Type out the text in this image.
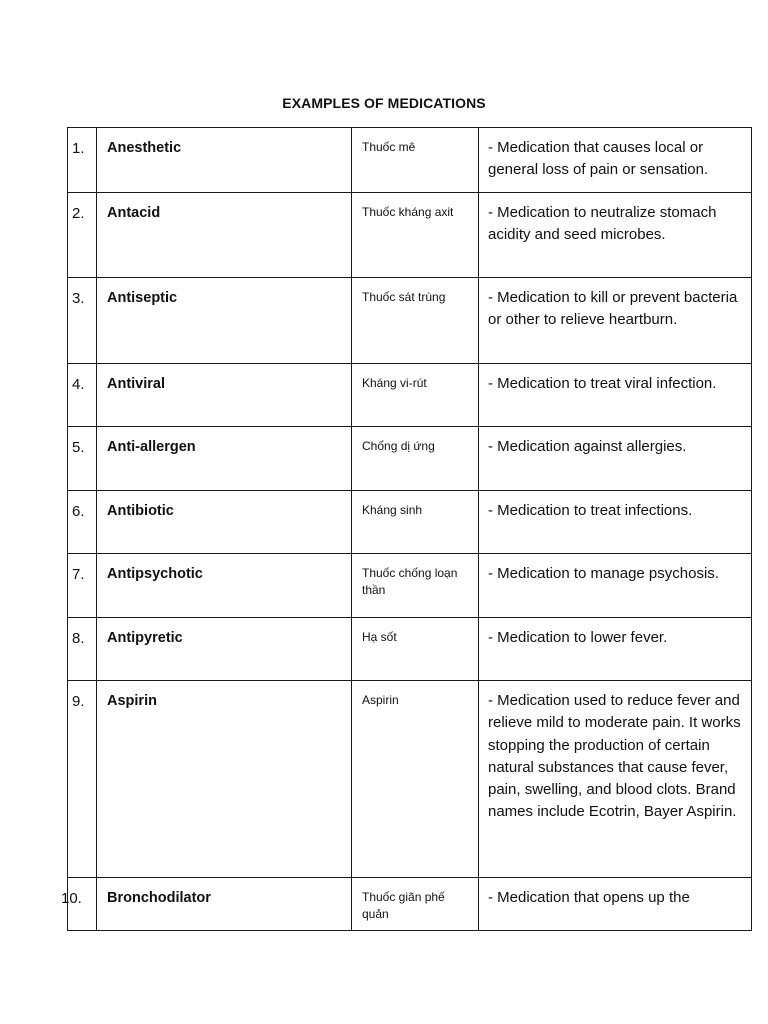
EXAMPLES OF MEDICATIONS
1.	Anesthetic	Thuốc mê	- Medication that causes local or general loss of pain or sensation.

2.	Antacid	Thuốc kháng axit	- Medication to neutralize stomach acidity and seed microbes.

3.	Antiseptic	Thuốc sát trùng	- Medication to kill or prevent bacteria or other to relieve heartburn.

4.	Antiviral	Kháng vi-rút	- Medication to treat viral infection.

5.	Anti-allergen	Chống dị ứng	- Medication against allergies.

6.	Antibiotic	Kháng sinh	- Medication to treat infections.

7.	Antipsychotic	Thuốc chống loạn thần	- Medication to manage psychosis.

8.	Antipyretic	Hạ sốt	- Medication to lower fever.

9.	Aspirin	Aspirin	- Medication used to reduce fever and relieve mild to moderate pain. It works stopping the production of certain natural substances that cause fever, pain, swelling, and blood clots. Brand names include Ecotrin, Bayer Aspirin.

10.	Bronchodilator	Thuốc giãn phế quản	- Medication that opens up the
